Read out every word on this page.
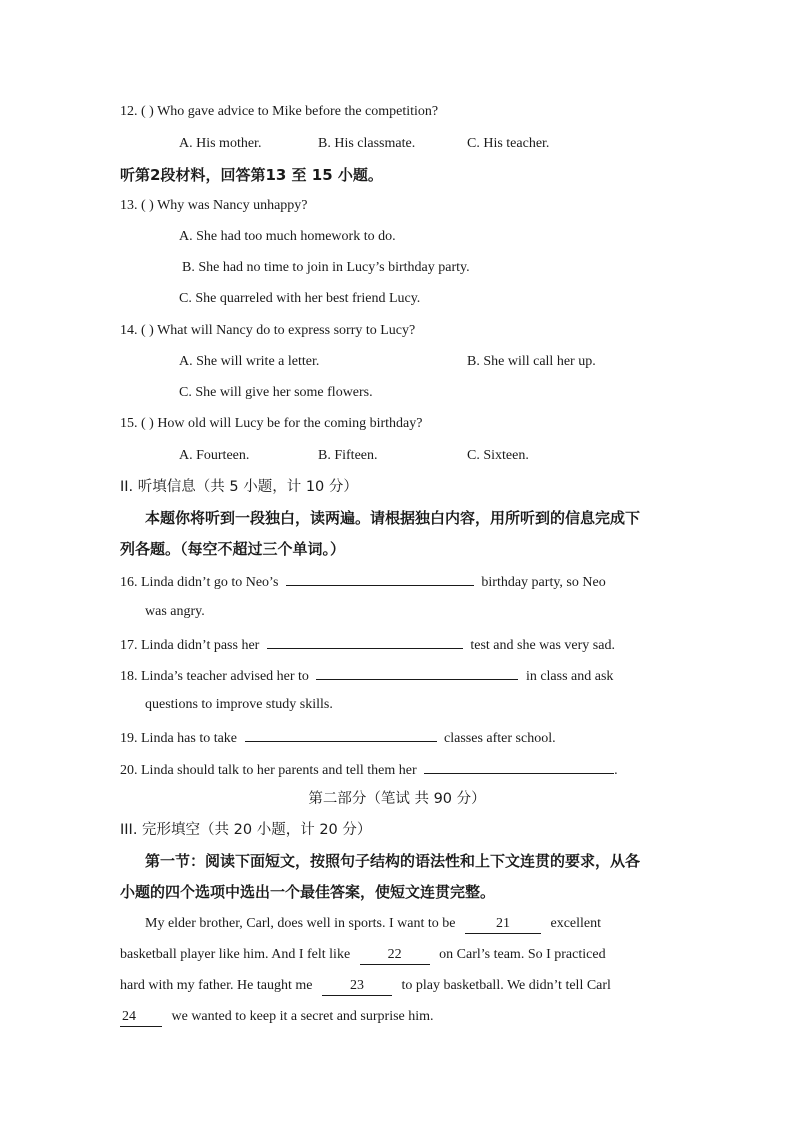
12. ( ) Who gave advice to Mike before the competition?
A. His mother.	B. His classmate.	C. His teacher.
听第2段材料，回答第13 至 15 小题。
13. ( ) Why was Nancy unhappy?
A. She had too much homework to do.
B. She had no time to join in Lucy’s birthday party.
C. She quarreled with her best friend Lucy.
14. ( ) What will Nancy do to express sorry to Lucy?
A. She will write a letter.	B. She will call her up.
C. She will give her some flowers.
15. ( ) How old will Lucy be for the coming birthday?
A. Fourteen.	B. Fifteen.	C. Sixteen.
II. 听填信息（共 5 小题，计 10 分）
本题你将听到一段独白，读两遍。请根据独白内容，用所听到的信息完成下
列各题。（每空不超过三个单词。）
16. Linda didn’t go to Neo’s	birthday party, so Neo
was angry.
17. Linda didn’t pass her	test and she was very sad.
18. Linda’s teacher advised her to	in class and ask
questions to improve study skills.
19. Linda has to take	classes after school.
20. Linda should talk to her parents and tell them her	.
第二部分（笔试 共 90 分）
III. 完形填空（共 20 小题，计 20 分）
第一节：阅读下面短文，按照句子结构的语法性和上下文连贯的要求，从各
小题的四个选项中选出一个最佳答案，使短文连贯完整。
My elder brother, Carl, does well in sports. I want to be	21	excellent
basketball player like him. And I felt like	22	on Carl’s team. So I practiced
hard with my father. He taught me	23	to play basketball. We didn’t tell Carl
24	we wanted to keep it a secret and surprise him.
